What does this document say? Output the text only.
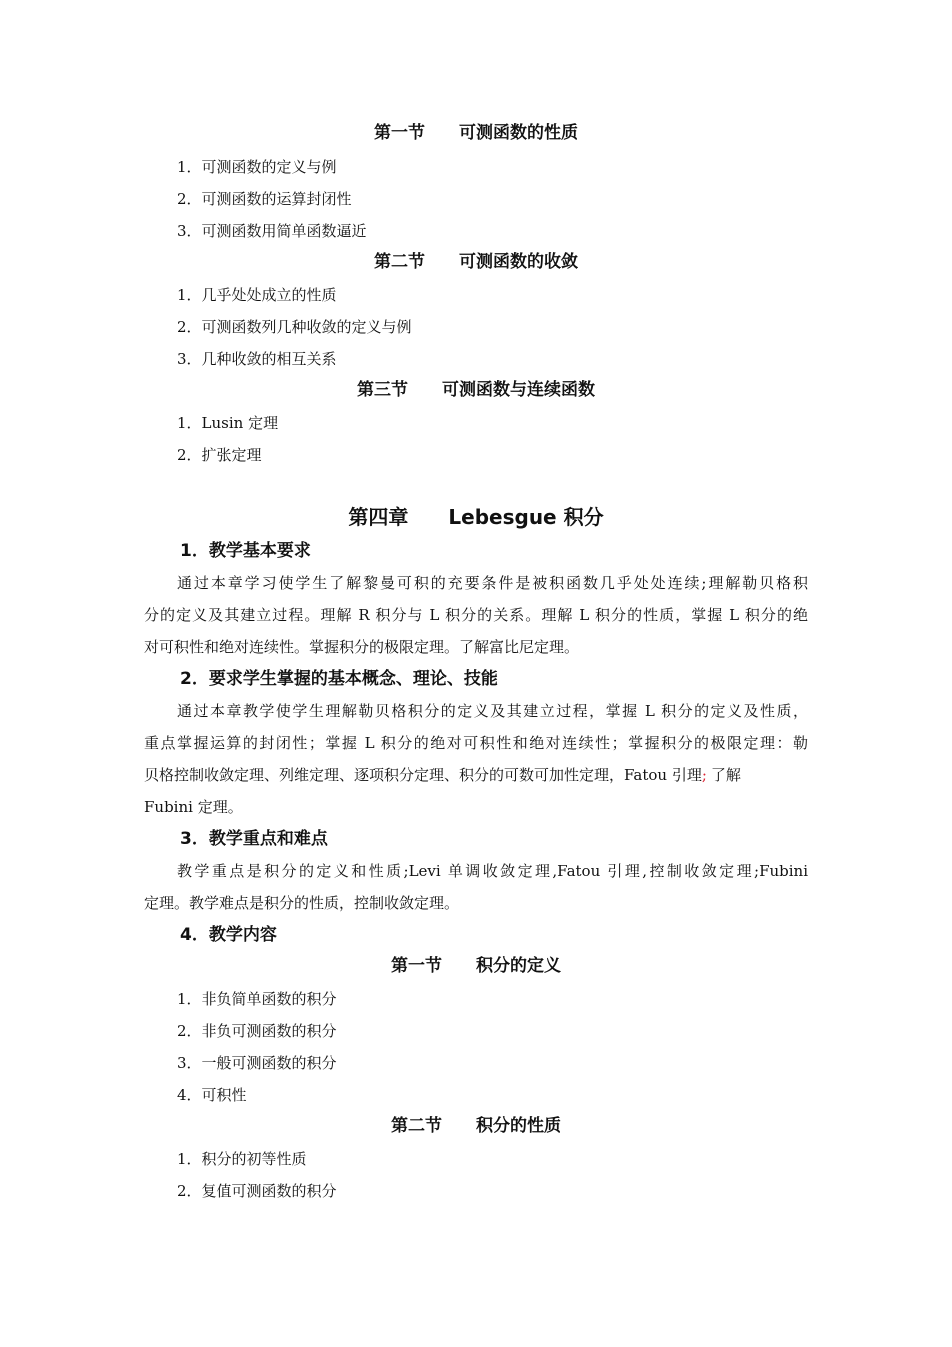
第一节　　可测函数的性质
1．可测函数的定义与例
2．可测函数的运算封闭性
3．可测函数用简单函数逼近
第二节　　可测函数的收敛
1．几乎处处成立的性质
2．可测函数列几种收敛的定义与例
3．几种收敛的相互关系
第三节　　可测函数与连续函数
1．Lusin 定理
2．扩张定理
第四章　　Lebesgue 积分
1．教学基本要求
通过本章学习使学生了解黎曼可积的充要条件是被积函数几乎处处连续;理解勒贝格积
分的定义及其建立过程。理解 R 积分与 L 积分的关系。理解 L 积分的性质，掌握 L 积分的绝
对可积性和绝对连续性。掌握积分的极限定理。了解富比尼定理。
2．要求学生掌握的基本概念、理论、技能
通过本章教学使学生理解勒贝格积分的定义及其建立过程，掌握 L 积分的定义及性质，
重点掌握运算的封闭性；掌握 L 积分的绝对可积性和绝对连续性；掌握积分的极限定理：勒
贝格控制收敛定理、列维定理、逐项积分定理、积分的可数可加性定理，Fatou 引理; 了解
Fubini 定理。
3．教学重点和难点
教学重点是积分的定义和性质;Levi 单调收敛定理,Fatou 引理,控制收敛定理;Fubini
定理。教学难点是积分的性质，控制收敛定理。
4．教学内容
第一节　　积分的定义
1．非负简单函数的积分
2．非负可测函数的积分
3．一般可测函数的积分
4．可积性
第二节　　积分的性质
1．积分的初等性质
2．复值可测函数的积分
